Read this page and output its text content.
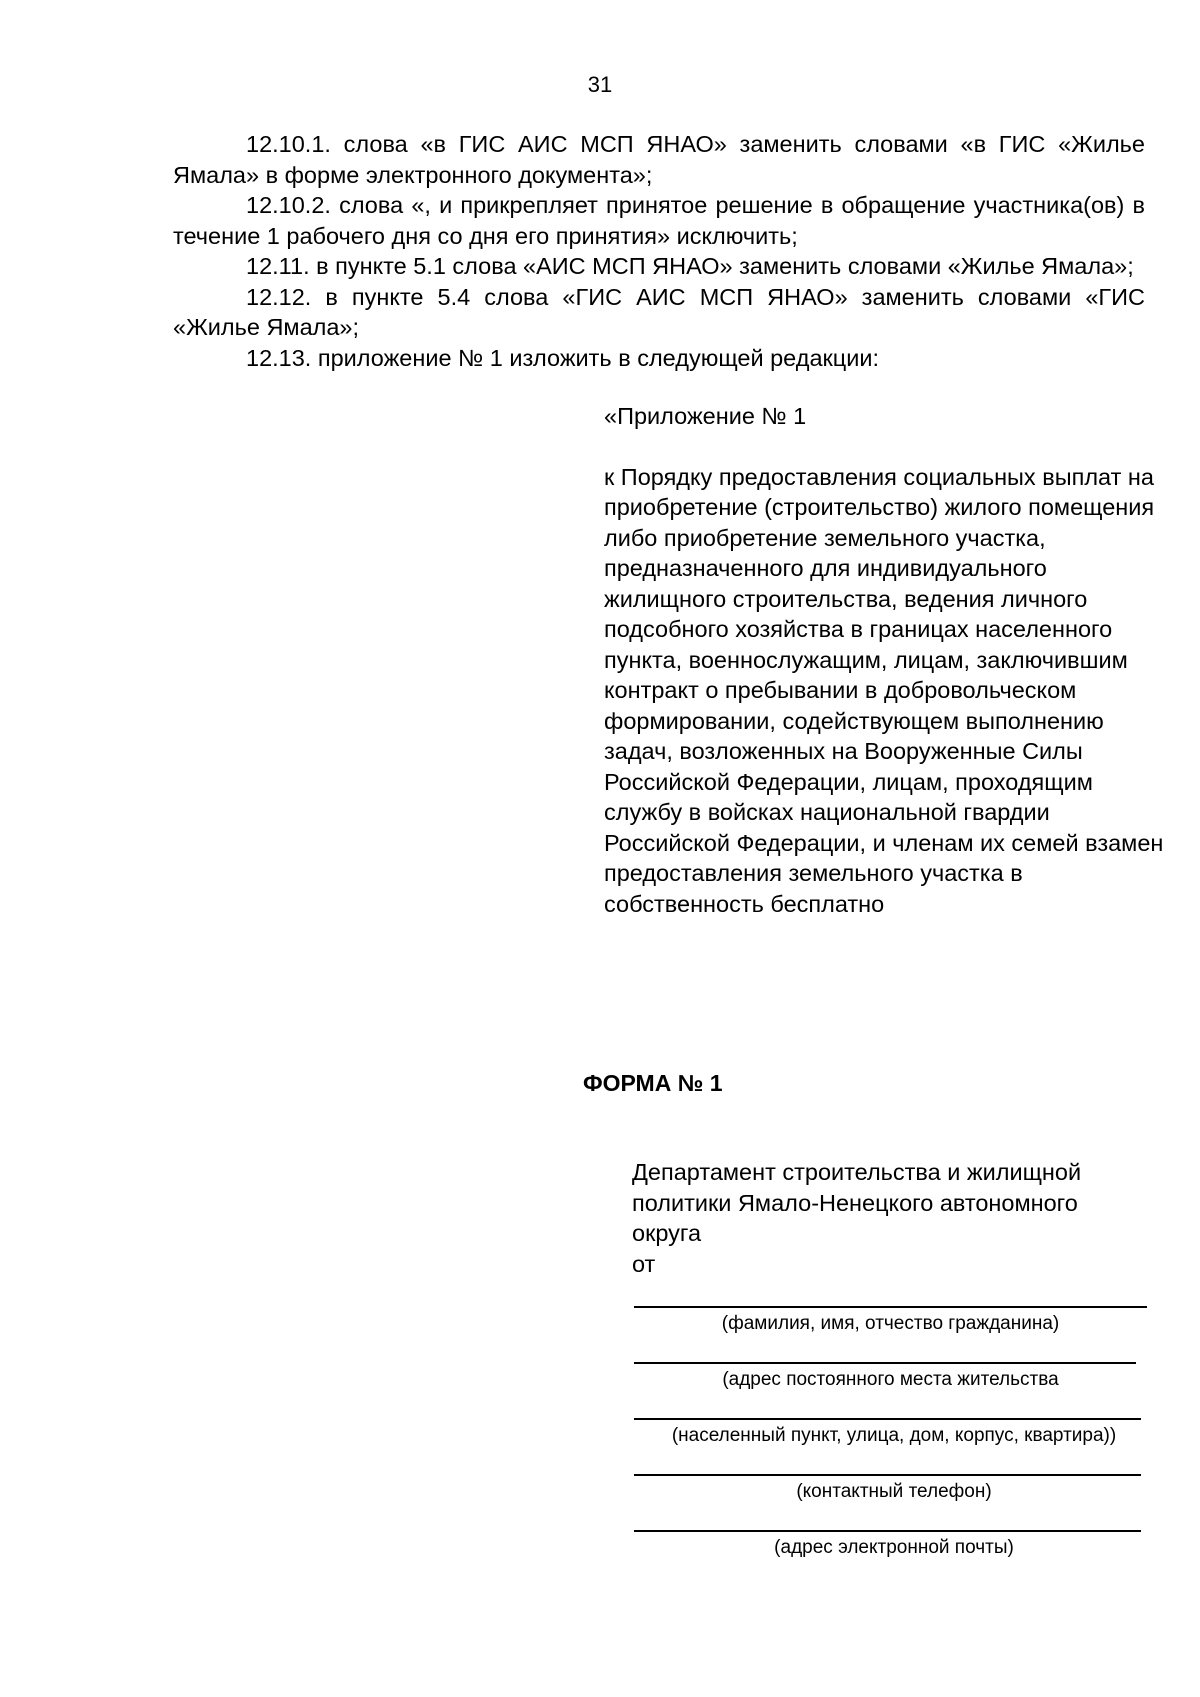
31

12.10.1. слова «в ГИС АИС МСП ЯНАО» заменить словами «в ГИС «Жилье Ямала» в форме электронного документа»;

12.10.2. слова «, и прикрепляет принятое решение в обращение участника(ов) в течение 1 рабочего дня со дня его принятия» исключить;

12.11. в пункте 5.1 слова «АИС МСП ЯНАО» заменить словами «Жилье Ямала»;

12.12. в пункте 5.4 слова «ГИС АИС МСП ЯНАО» заменить словами «ГИС «Жилье Ямала»;

12.13. приложение № 1 изложить в следующей редакции:

«Приложение № 1

к Порядку предоставления социальных выплат на приобретение (строительство) жилого помещения либо приобретение земельного участка, предназначенного для индивидуального жилищного строительства, ведения личного подсобного хозяйства в границах населенного пункта, военнослужащим, лицам, заключившим контракт о пребывании в добровольческом формировании, содействующем выполнению задач, возложенных на Вооруженные Силы Российской Федерации, лицам, проходящим службу в войсках национальной гвардии Российской Федерации, и членам их семей взамен предоставления земельного участка в собственность бесплатно

ФОРМА № 1
Департамент строительства и жилищной
политики Ямало-Ненецкого автономного
округа
от
(фамилия, имя, отчество гражданина)
(адрес постоянного места жительства
(населенный пункт, улица, дом, корпус, квартира))
(контактный телефон)
(адрес электронной почты)
